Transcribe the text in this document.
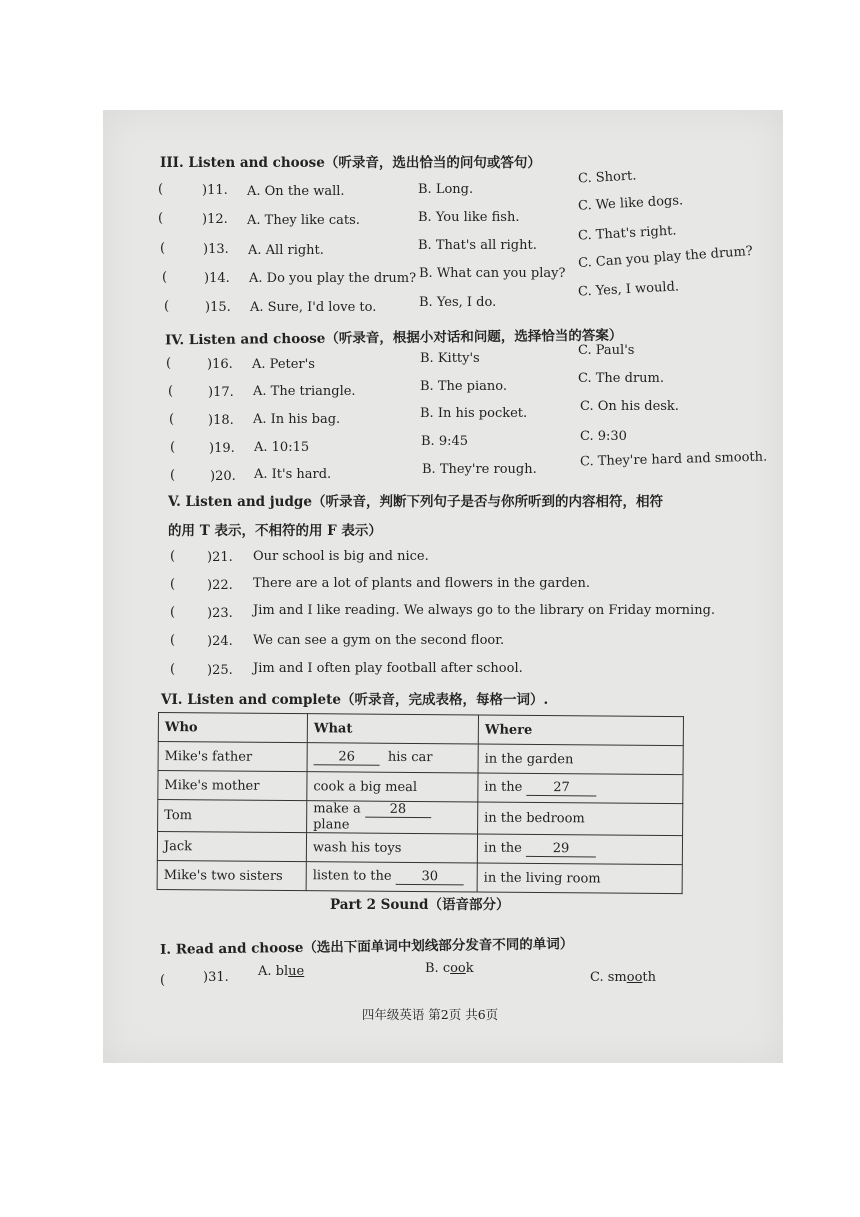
III. Listen and choose（听录音，选出恰当的问句或答句）
(	)11. A. On the wall.	B. Long.
C. Short.
(	)12. A. They like cats.	B. You like fish.
C. We like dogs.
(	)13. A. All right.	B. That's all right.
C. That's right.
(	)14. A. Do you play the drum? B. What can you play?
C. Can you play the drum?
(	)15. A. Sure, I'd love to.	B. Yes, I do.
C. Yes, I would.
IV. Listen and choose（听录音，根据小对话和问题，选择恰当的答案）
(	)16. A. Peter's	B. Kitty's
C. Paul's
(	)17. A. The triangle.	B. The piano.
C. The drum.
(	)18. A. In his bag.	B. In his pocket.	C. On his desk.
(	)19. A. 10:15	B. 9:45	C. 9:30
(	)20. A. It's hard.	B. They're rough.
C. They're hard and smooth.
V. Listen and judge（听录音，判断下列句子是否与你所听到的内容相符，相符
的用 T 表示，不相符的用 F 表示）
( )21. Our school is big and nice.
( )22. There are a lot of plants and flowers in the garden.
( )23. Jim and I like reading. We always go to the library on Friday morning.
( )24. We can see a gym on the second floor.
( )25. Jim and I often play football after school.
VI. Listen and complete（听录音，完成表格，每格一词）.
Who	What	Where
Mike's father	26 his car	in the garden
Mike's mother	cook a big meal	in the 27
Tom	make a 28 plane	in the bedroom
Jack	wash his toys	in the 29
Mike's two sisters	listen to the 30	in the living room
Part 2 Sound（语音部分）
I. Read and choose（选出下面单词中划线部分发音不同的单词）
(	)31. A. blue	B. cook
C. smooth
四年级英语 第2页 共6页
